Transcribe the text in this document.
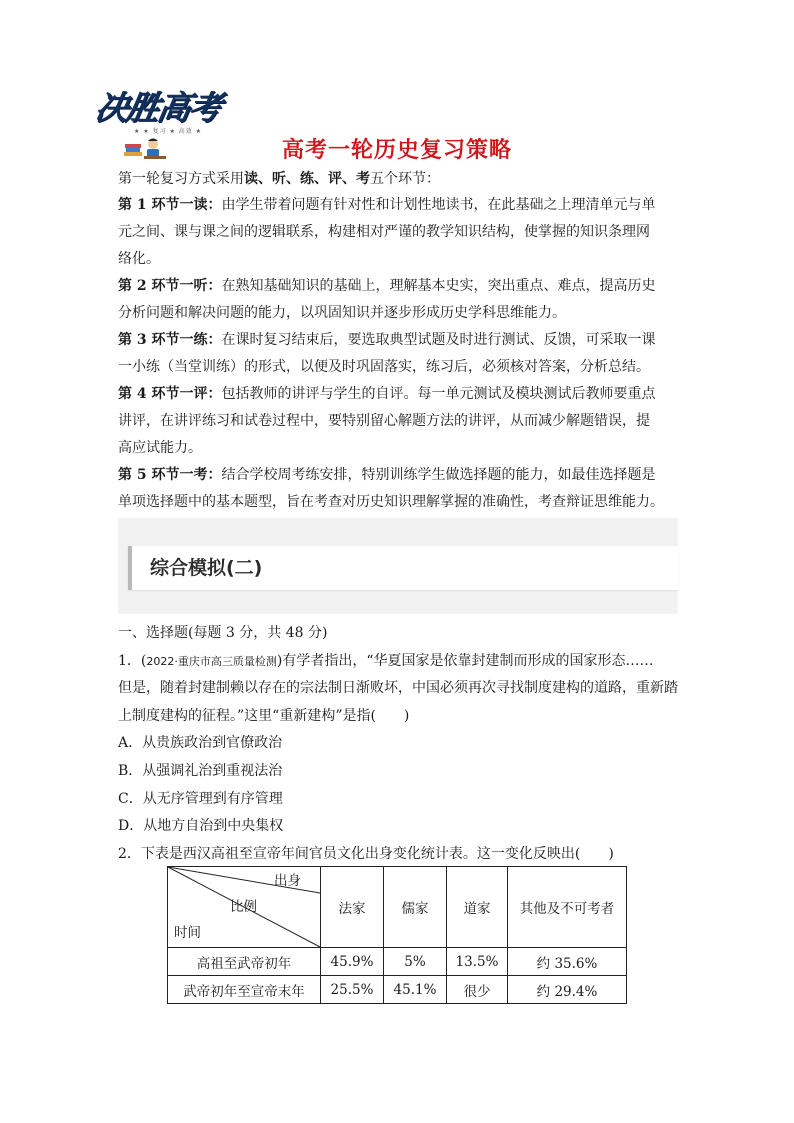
决胜高考
★ ★ 复习 ★ 高效 ★
高考一轮历史复习策略
第一轮复习方式采用读、听、练、评、考五个环节：
第 1 环节一读：由学生带着问题有针对性和计划性地读书，在此基础之上理清单元与单
元之间、课与课之间的逻辑联系，构建相对严谨的教学知识结构，使掌握的知识条理网
络化。
第 2 环节一听：在熟知基础知识的基础上，理解基本史实，突出重点、难点，提高历史
分析问题和解决问题的能力，以巩固知识并逐步形成历史学科思维能力。
第 3 环节一练：在课时复习结束后，要选取典型试题及时进行测试、反馈，可采取一课
一小练（当堂训练）的形式，以便及时巩固落实，练习后，必须核对答案，分析总结。
第 4 环节一评：包括教师的讲评与学生的自评。每一单元测试及模块测试后教师要重点
讲评，在讲评练习和试卷过程中，要特别留心解题方法的讲评，从而减少解题错误，提
高应试能力。
第 5 环节一考：结合学校周考练安排，特别训练学生做选择题的能力，如最佳选择题是
单项选择题中的基本题型，旨在考查对历史知识理解掌握的准确性，考查辩证思维能力。
综合模拟(二)
一、选择题(每题 3 分，共 48 分)
1．(2022·重庆市高三质量检测)有学者指出，“华夏国家是依靠封建制而形成的国家形态……
但是，随着封建制赖以存在的宗法制日渐败坏，中国必须再次寻找制度建构的道路，重新踏
上制度建构的征程。”这里“重新建构”是指(　　)
A．从贵族政治到官僚政治
B．从强调礼治到重视法治
C．从无序管理到有序管理
D．从地方自治到中央集权
2．下表是西汉高祖至宣帝年间官员文化出身变化统计表。这一变化反映出(　　)
出身
比例
时间	法家	儒家	道家	其他及不可考者
高祖至武帝初年	45.9%	5%	13.5%	约 35.6%
武帝初年至宣帝末年	25.5%	45.1%	很少	约 29.4%
